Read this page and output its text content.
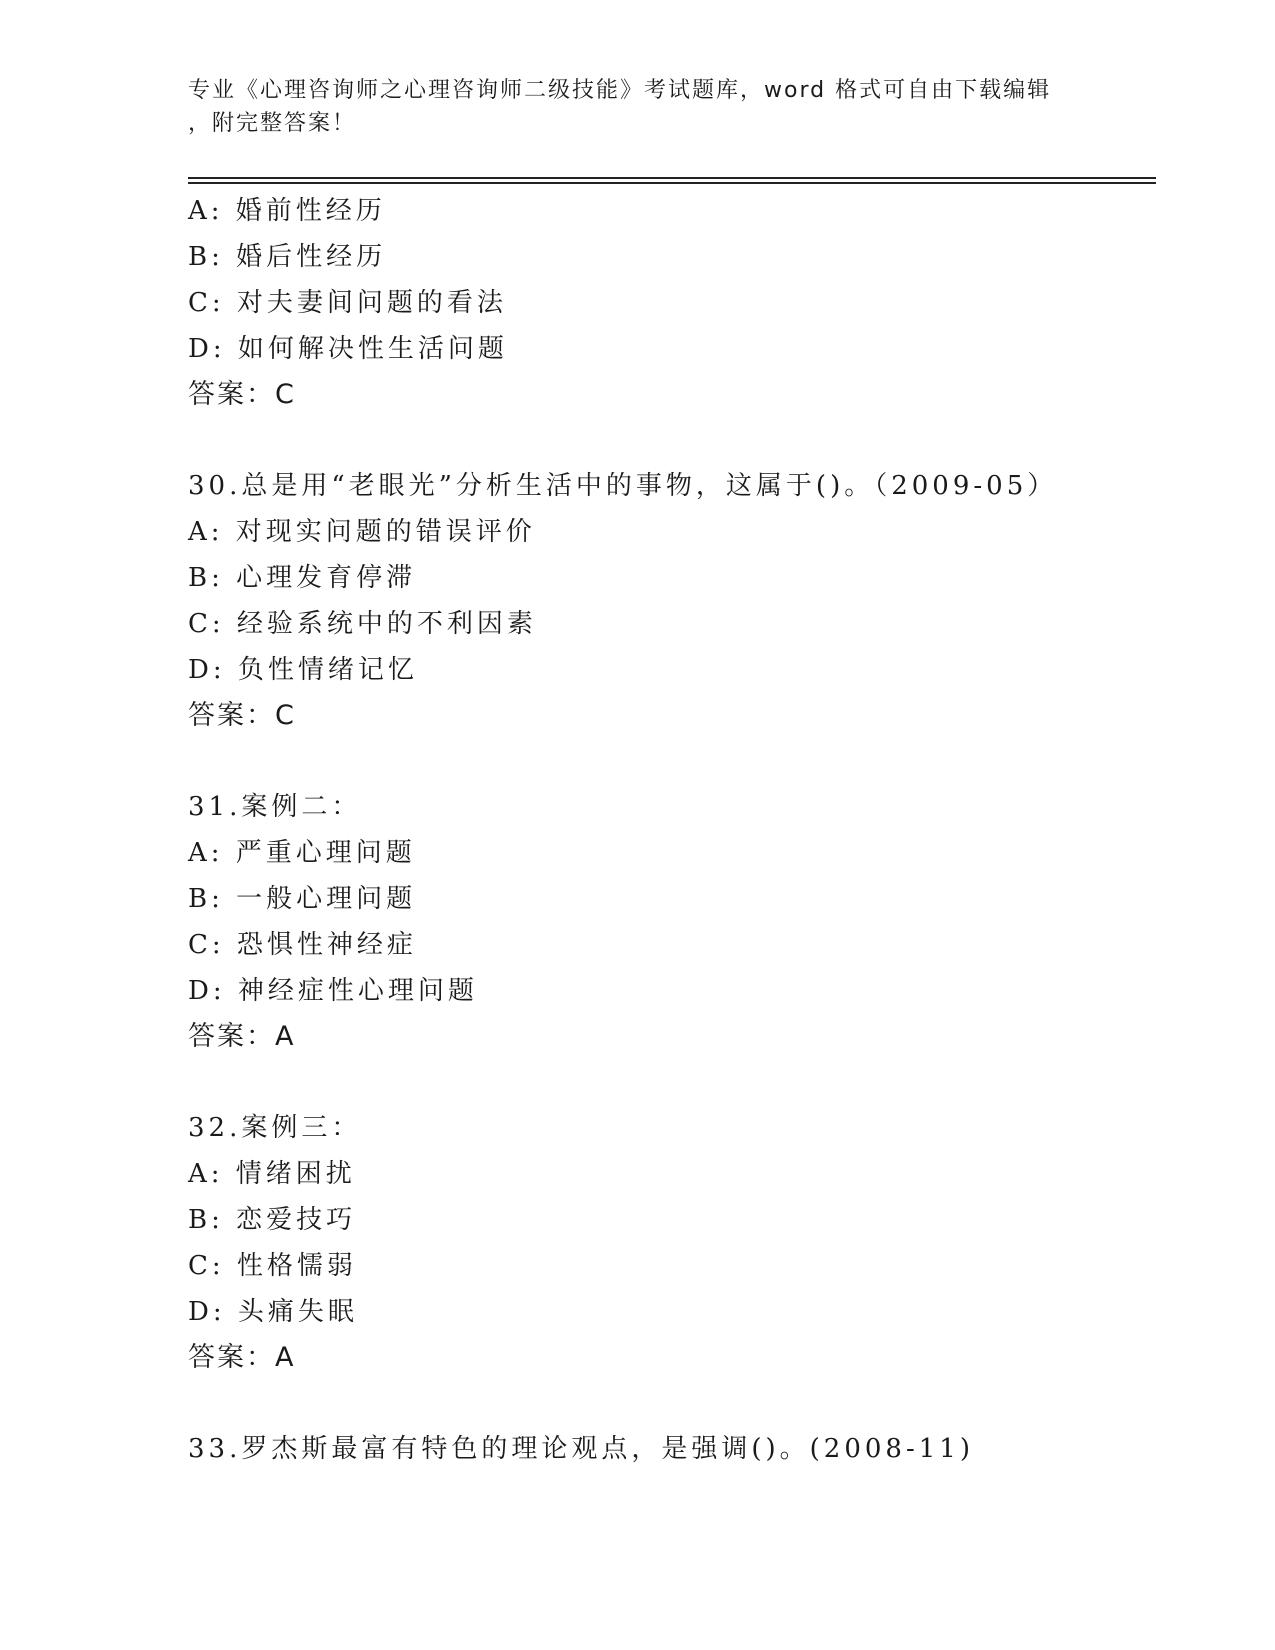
专业《心理咨询师之心理咨询师二级技能》考试题库，word 格式可自由下载编辑

，附完整答案！

A: 婚前性经历
B: 婚后性经历
C: 对夫妻间问题的看法
D: 如何解决性生活问题
答案：C
30.总是用“老眼光”分析生活中的事物，这属于()。（2009-05）
A: 对现实问题的错误评价
B: 心理发育停滞
C: 经验系统中的不利因素
D: 负性情绪记忆
答案：C
31.案例二：
A: 严重心理问题
B: 一般心理问题
C: 恐惧性神经症
D: 神经症性心理问题
答案：A
32.案例三：
A: 情绪困扰
B: 恋爱技巧
C: 性格懦弱
D: 头痛失眠
答案：A
33.罗杰斯最富有特色的理论观点，是强调()。(2008-11)
